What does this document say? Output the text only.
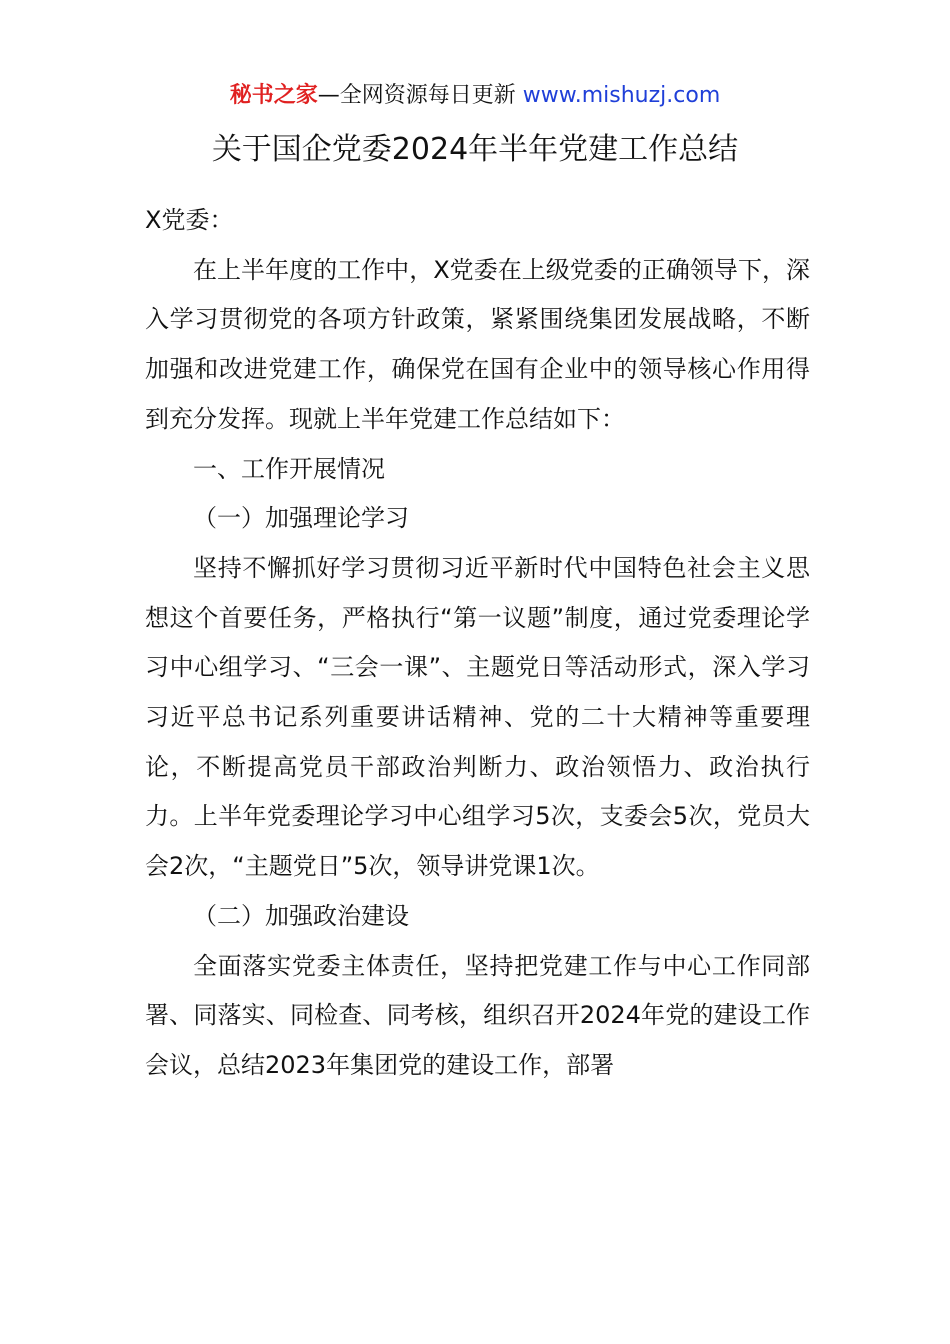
秘书之家—全网资源每日更新 www.mishuzj.com
关于国企党委2024年半年党建工作总结

X党委：

在上半年度的工作中，X党委在上级党委的正确领导下，深入学习贯彻党的各项方针政策，紧紧围绕集团发展战略，不断加强和改进党建工作，确保党在国有企业中的领导核心作用得到充分发挥。现就上半年党建工作总结如下：

一、工作开展情况

（一）加强理论学习

坚持不懈抓好学习贯彻习近平新时代中国特色社会主义思想这个首要任务，严格执行“第一议题”制度，通过党委理论学习中心组学习、“三会一课”、主题党日等活动形式，深入学习习近平总书记系列重要讲话精神、党的二十大精神等重要理论，不断提高党员干部政治判断力、政治领悟力、政治执行力。上半年党委理论学习中心组学习5次，支委会5次，党员大会2次，“主题党日”5次，领导讲党课1次。

（二）加强政治建设

全面落实党委主体责任，坚持把党建工作与中心工作同部署、同落实、同检查、同考核，组织召开2024年党的建设工作会议，总结2023年集团党的建设工作，部署
